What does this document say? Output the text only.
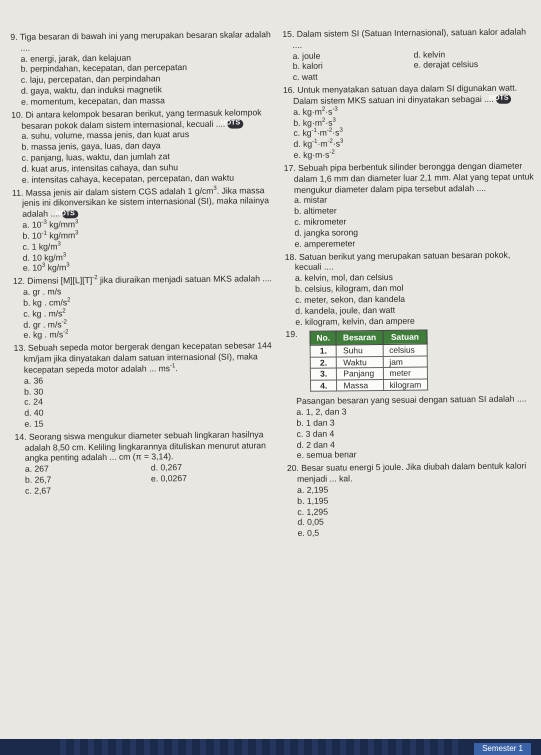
9. Tiga besaran di bawah ini yang merupakan besaran skalar adalah ....
a. energi, jarak, dan kelajuan
b. perpindahan, kecepatan, dan percepatan
c. laju, percepatan, dan perpindahan
d. gaya, waktu, dan induksi magnetik
e. momentum, kecepatan, dan massa
10. Di antara kelompok besaran berikut, yang termasuk kelompok besaran pokok dalam sistem internasional, kecuali .... HOTS
a. suhu, volume, massa jenis, dan kuat arus
b. massa jenis, gaya, luas, dan daya
c. panjang, luas, waktu, dan jumlah zat
d. kuat arus, intensitas cahaya, dan suhu
e. intensitas cahaya, kecepatan, percepatan, dan waktu
11. Massa jenis air dalam sistem CGS adalah 1 $g/cm^3$. Jika massa jenis ini dikonversikan ke sistem internasional (SI), maka nilainya adalah .... HOTS
a. $10^{-3}$ $kg/mm^3$
b. $10^{-1}$ $kg/mm^3$
c. 1 $kg/m^3$
d. 10 $kg/m^3$
e. $10^3$ $kg/m^3$
12. Dimensi $[M][L][T]^{-2}$ jika diuraikan menjadi satuan MKS adalah ....
a. gr . m/s
b. kg . $cm/s^2$
c. kg . $m/s^2$
d. gr . $m/s^{-2}$
e. kg . $m/s^{-2}$
13. Sebuah sepeda motor bergerak dengan kecepatan sebesar 144 km/jam jika dinyatakan dalam satuan internasional (SI), maka kecepatan sepeda motor adalah ... $ms^{-1}$.
a. 36
b. 30
c. 24
d. 40
e. 15
14. Seorang siswa mengukur diameter sebuah lingkaran hasilnya adalah 8,50 cm. Keliling lingkarannya dituliskan menurut aturan angka penting adalah ... cm (π = 3,14).
a. 267	d. 0,267
b. 26,7	e. 0,0267
c. 2,67
15. Dalam sistem SI (Satuan Internasional), satuan kalor adalah ....
a. joule	d. kelvin
b. kalori	e. derajat celsius
c. watt
16. Untuk menyatakan satuan daya dalam SI digunakan watt. Dalam sistem MKS satuan ini dinyatakan sebagai .... HOTS
a. $kg\cdot m^2\cdot s^{-3}$
b. $kg\cdot m^2\cdot s^3$
c. $kg^{-1}\cdot m^{-2}\cdot s^3$
d. $kg^{-1}\cdot m^{-2}\cdot s^3$
e. $kg\cdot m\cdot s^{-2}$
17. Sebuah pipa berbentuk silinder berongga dengan diameter dalam 1,6 mm dan diameter luar 2,1 mm. Alat yang tepat untuk mengukur diameter dalam pipa tersebut adalah ....
a. mistar
b. altimeter
c. mikrometer
d. jangka sorong
e. amperemeter
18. Satuan berikut yang merupakan satuan besaran pokok, kecuali ....
a. kelvin, mol, dan celsius
b. celsius, kilogram, dan mol
c. meter, sekon, dan kandela
d. kandela, joule, dan watt
e. kilogram, kelvin, dan ampere
19. No.	Besaran	Satuan
1.	Suhu	celsius
2.	Waktu	jam
3.	Panjang	meter
4.	Massa	kilogram
Pasangan besaran yang sesuai dengan satuan SI adalah ....
a. 1, 2, dan 3
b. 1 dan 3
c. 3 dan 4
d. 2 dan 4
e. semua benar
20. Besar suatu energi 5 joule. Jika diubah dalam bentuk kalori menjadi ... kal.
a. 2,195
b. 1,195
c. 1,295
d. 0,05
e. 0,5
Semester 1
